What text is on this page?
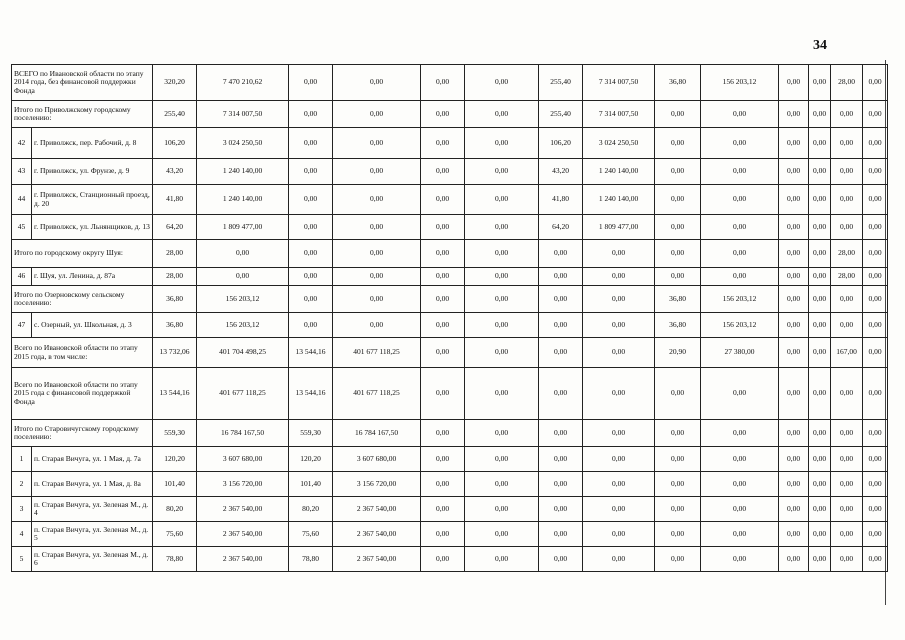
34
ВСЕГО по Ивановской области по этапу 2014 года, без финансовой поддержки Фонда		320,20	7 470 210,62	0,00	0,00	0,00	0,00	255,40	7 314 007,50	36,80	156 203,12	0,00	0,00	28,00	0,00
Итого по Приволжскому городскому поселению:		255,40	7 314 007,50	0,00	0,00	0,00	0,00	255,40	7 314 007,50	0,00	0,00	0,00	0,00	0,00	0,00
42	г. Приволжск, пер. Рабочий, д. 8	106,20	3 024 250,50	0,00	0,00	0,00	0,00	106,20	3 024 250,50	0,00	0,00	0,00	0,00	0,00	0,00
43	г. Приволжск, ул. Фрунзе, д. 9	43,20	1 240 140,00	0,00	0,00	0,00	0,00	43,20	1 240 140,00	0,00	0,00	0,00	0,00	0,00	0,00
44	г. Приволжск, Станционный проезд, д. 20	41,80	1 240 140,00	0,00	0,00	0,00	0,00	41,80	1 240 140,00	0,00	0,00	0,00	0,00	0,00	0,00
45	г. Приволжск, ул. Льнянщиков, д. 13	64,20	1 809 477,00	0,00	0,00	0,00	0,00	64,20	1 809 477,00	0,00	0,00	0,00	0,00	0,00	0,00
Итого по городскому округу Шуя:		28,00	0,00	0,00	0,00	0,00	0,00	0,00	0,00	0,00	0,00	0,00	0,00	28,00	0,00
46	г. Шуя, ул. Ленина, д. 87а	28,00	0,00	0,00	0,00	0,00	0,00	0,00	0,00	0,00	0,00	0,00	0,00	28,00	0,00
Итого по Озерновскому сельскому поселению:		36,80	156 203,12	0,00	0,00	0,00	0,00	0,00	0,00	36,80	156 203,12	0,00	0,00	0,00	0,00
47	с. Озерный, ул. Школьная, д. 3	36,80	156 203,12	0,00	0,00	0,00	0,00	0,00	0,00	36,80	156 203,12	0,00	0,00	0,00	0,00
Всего по Ивановской области по этапу 2015 года, в том числе:		13 732,06	401 704 498,25	13 544,16	401 677 118,25	0,00	0,00	0,00	0,00	20,90	27 380,00	0,00	0,00	167,00	0,00
Всего по Ивановской области по этапу 2015 года с финансовой поддержкой Фонда		13 544,16	401 677 118,25	13 544,16	401 677 118,25	0,00	0,00	0,00	0,00	0,00	0,00	0,00	0,00	0,00	0,00
Итого по Старовичугскому городскому поселению:		559,30	16 784 167,50	559,30	16 784 167,50	0,00	0,00	0,00	0,00	0,00	0,00	0,00	0,00	0,00	0,00
1	п. Старая Вичуга, ул. 1 Мая, д. 7а	120,20	3 607 680,00	120,20	3 607 680,00	0,00	0,00	0,00	0,00	0,00	0,00	0,00	0,00	0,00	0,00
2	п. Старая Вичуга, ул. 1 Мая, д. 8а	101,40	3 156 720,00	101,40	3 156 720,00	0,00	0,00	0,00	0,00	0,00	0,00	0,00	0,00	0,00	0,00
3	п. Старая Вичуга, ул. Зеленая М., д. 4	80,20	2 367 540,00	80,20	2 367 540,00	0,00	0,00	0,00	0,00	0,00	0,00	0,00	0,00	0,00	0,00
4	п. Старая Вичуга, ул. Зеленая М., д. 5	75,60	2 367 540,00	75,60	2 367 540,00	0,00	0,00	0,00	0,00	0,00	0,00	0,00	0,00	0,00	0,00
5	п. Старая Вичуга, ул. Зеленая М., д. 6	78,80	2 367 540,00	78,80	2 367 540,00	0,00	0,00	0,00	0,00	0,00	0,00	0,00	0,00	0,00	0,00
